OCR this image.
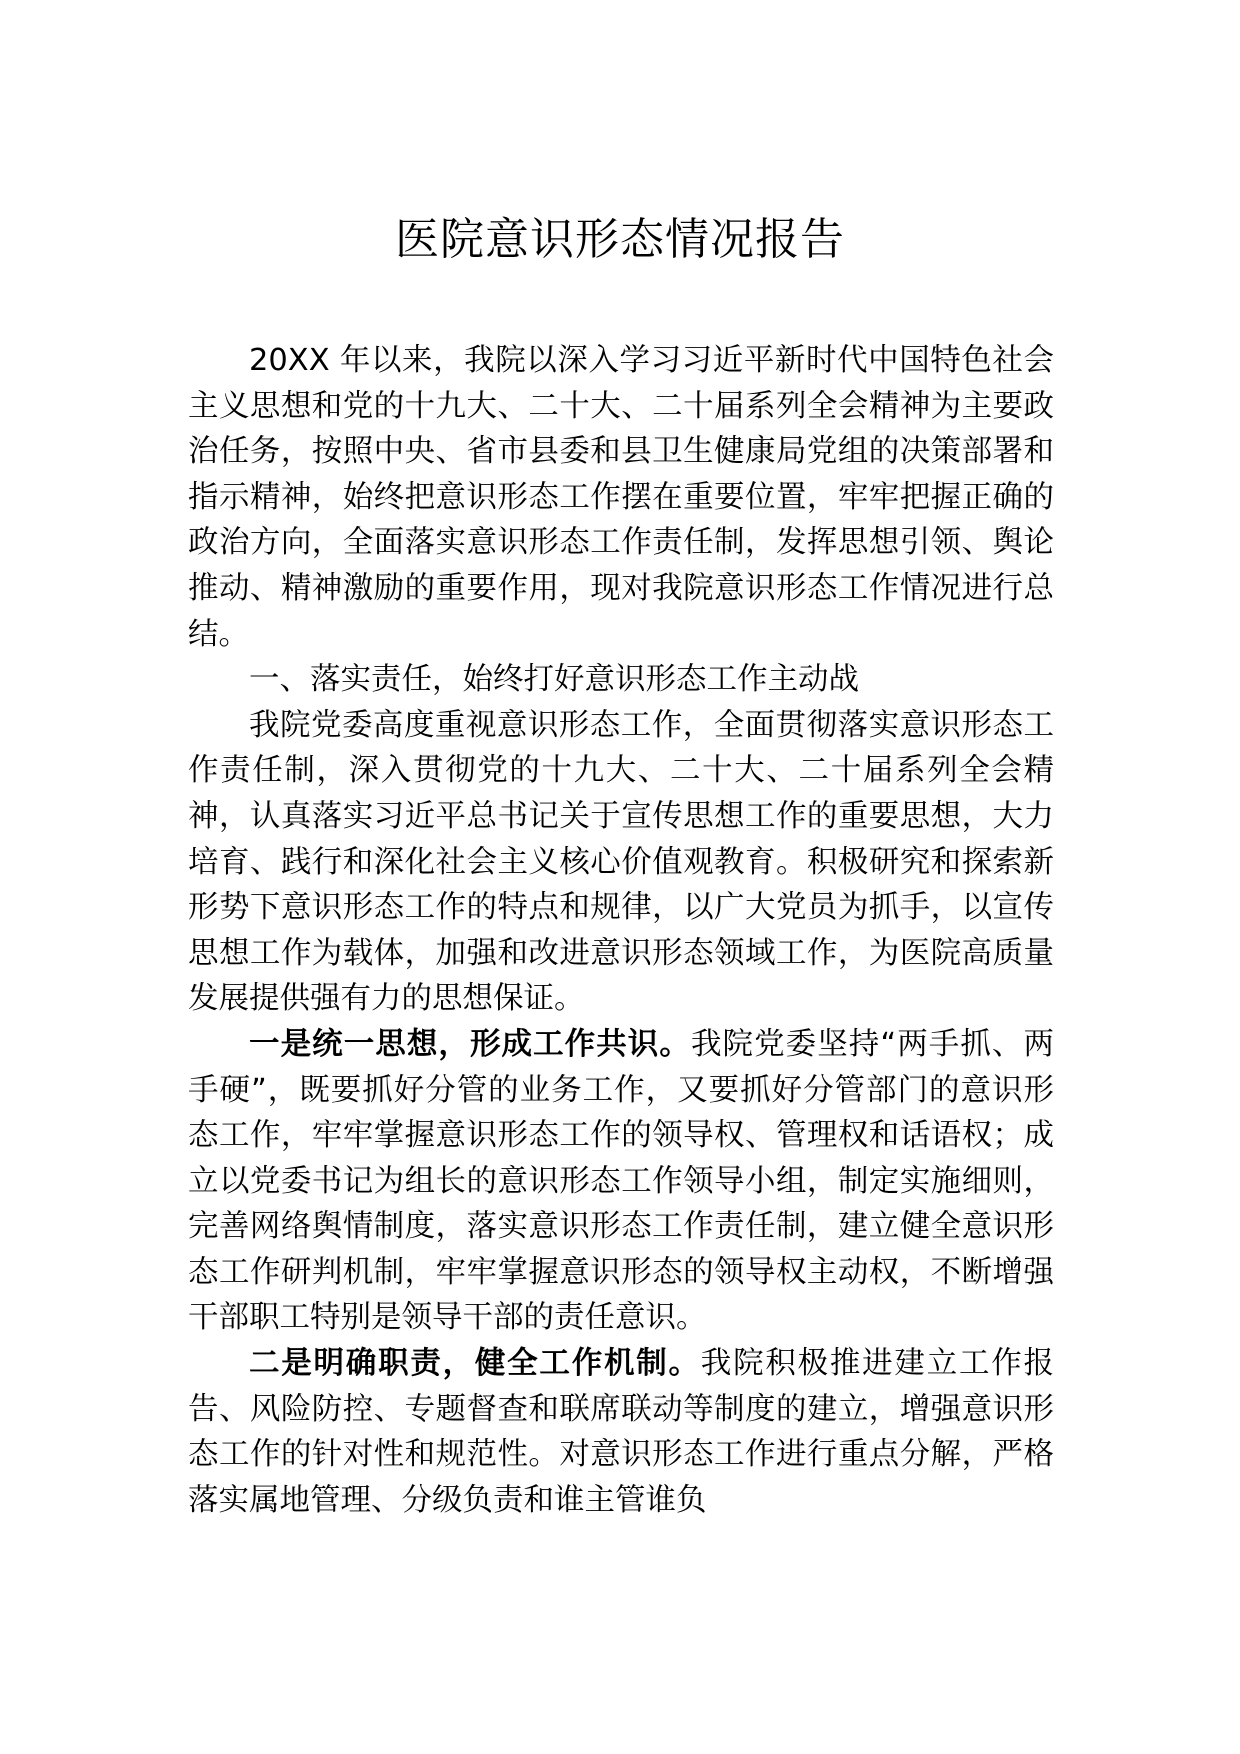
医院意识形态情况报告

20XX 年以来，我院以深入学习习近平新时代中国特色社会主义思想和党的十九大、二十大、二十届系列全会精神为主要政治任务，按照中央、省市县委和县卫生健康局党组的决策部署和指示精神，始终把意识形态工作摆在重要位置，牢牢把握正确的政治方向，全面落实意识形态工作责任制，发挥思想引领、舆论推动、精神激励的重要作用，现对我院意识形态工作情况进行总结。

一、落实责任，始终打好意识形态工作主动战

我院党委高度重视意识形态工作，全面贯彻落实意识形态工作责任制，深入贯彻党的十九大、二十大、二十届系列全会精神，认真落实习近平总书记关于宣传思想工作的重要思想，大力培育、践行和深化社会主义核心价值观教育。积极研究和探索新形势下意识形态工作的特点和规律，以广大党员为抓手，以宣传思想工作为载体，加强和改进意识形态领域工作，为医院高质量发展提供强有力的思想保证。

一是统一思想，形成工作共识。我院党委坚持“两手抓、两手硬”，既要抓好分管的业务工作，又要抓好分管部门的意识形态工作，牢牢掌握意识形态工作的领导权、管理权和话语权；成立以党委书记为组长的意识形态工作领导小组，制定实施细则，完善网络舆情制度，落实意识形态工作责任制，建立健全意识形态工作研判机制，牢牢掌握意识形态的领导权主动权，不断增强干部职工特别是领导干部的责任意识。

二是明确职责，健全工作机制。我院积极推进建立工作报告、风险防控、专题督查和联席联动等制度的建立，增强意识形态工作的针对性和规范性。对意识形态工作进行重点分解，严格落实属地管理、分级负责和谁主管谁负
